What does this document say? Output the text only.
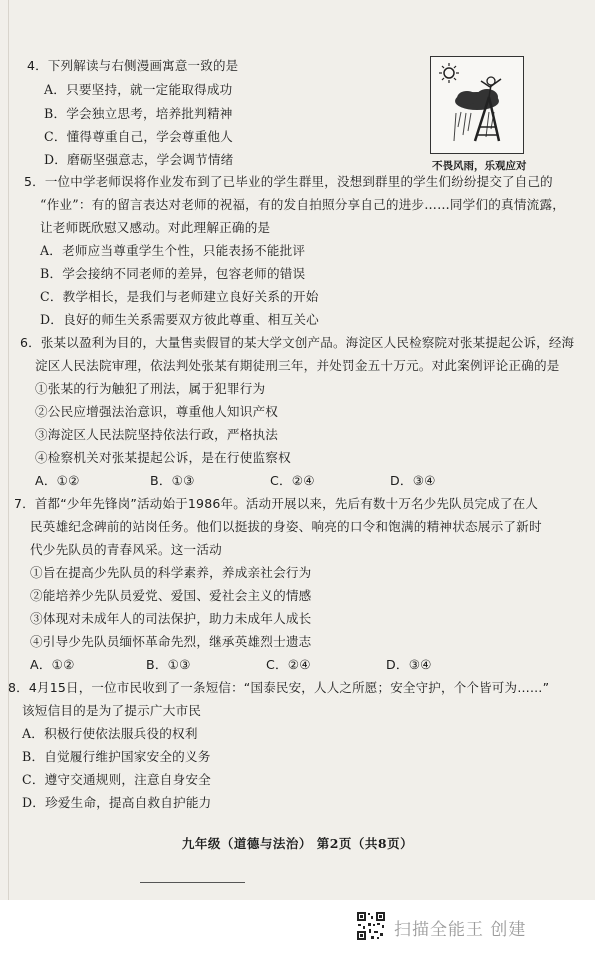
4．下列解读与右侧漫画寓意一致的是
A．只要坚持，就一定能取得成功
B．学会独立思考，培养批判精神
C．懂得尊重自己，学会尊重他人
D．磨砺坚强意志，学会调节情绪	不畏风雨，乐观应对
5．一位中学老师误将作业发布到了已毕业的学生群里，没想到群里的学生们纷纷提交了自己的
“作业”：有的留言表达对老师的祝福，有的发自拍照分享自己的进步……同学们的真情流露，
让老师既欣慰又感动。对此理解正确的是
A．老师应当尊重学生个性，只能表扬不能批评
B．学会接纳不同老师的差异，包容老师的错误
C．教学相长，是我们与老师建立良好关系的开始
D．良好的师生关系需要双方彼此尊重、相互关心
6．张某以盈利为目的，大量售卖假冒的某大学文创产品。海淀区人民检察院对张某提起公诉，经海
淀区人民法院审理，依法判处张某有期徒刑三年，并处罚金五十万元。对此案例评论正确的是
①张某的行为触犯了刑法，属于犯罪行为
②公民应增强法治意识，尊重他人知识产权
③海淀区人民法院坚持依法行政，严格执法
④检察机关对张某提起公诉，是在行使监察权
A．①②	B．①③	C．②④	D．③④
7．首都“少年先锋岗”活动始于1986年。活动开展以来，先后有数十万名少先队员完成了在人
民英雄纪念碑前的站岗任务。他们以挺拔的身姿、响亮的口令和饱满的精神状态展示了新时
代少先队员的青春风采。这一活动
①旨在提高少先队员的科学素养，养成亲社会行为
②能培养少先队员爱党、爱国、爱社会主义的情感
③体现对未成年人的司法保护，助力未成年人成长
④引导少先队员缅怀革命先烈，继承英雄烈士遗志
A．①②	B．①③	C．②④	D．③④
8．4月15日，一位市民收到了一条短信：“国泰民安，人人之所愿；安全守护，个个皆可为……”
该短信目的是为了提示广大市民
A．积极行使依法服兵役的权利
B．自觉履行维护国家安全的义务
C．遵守交通规则，注意自身安全
D．珍爱生命，提高自救自护能力
九年级（道德与法治） 第2页（共8页）
扫描全能王 创建
